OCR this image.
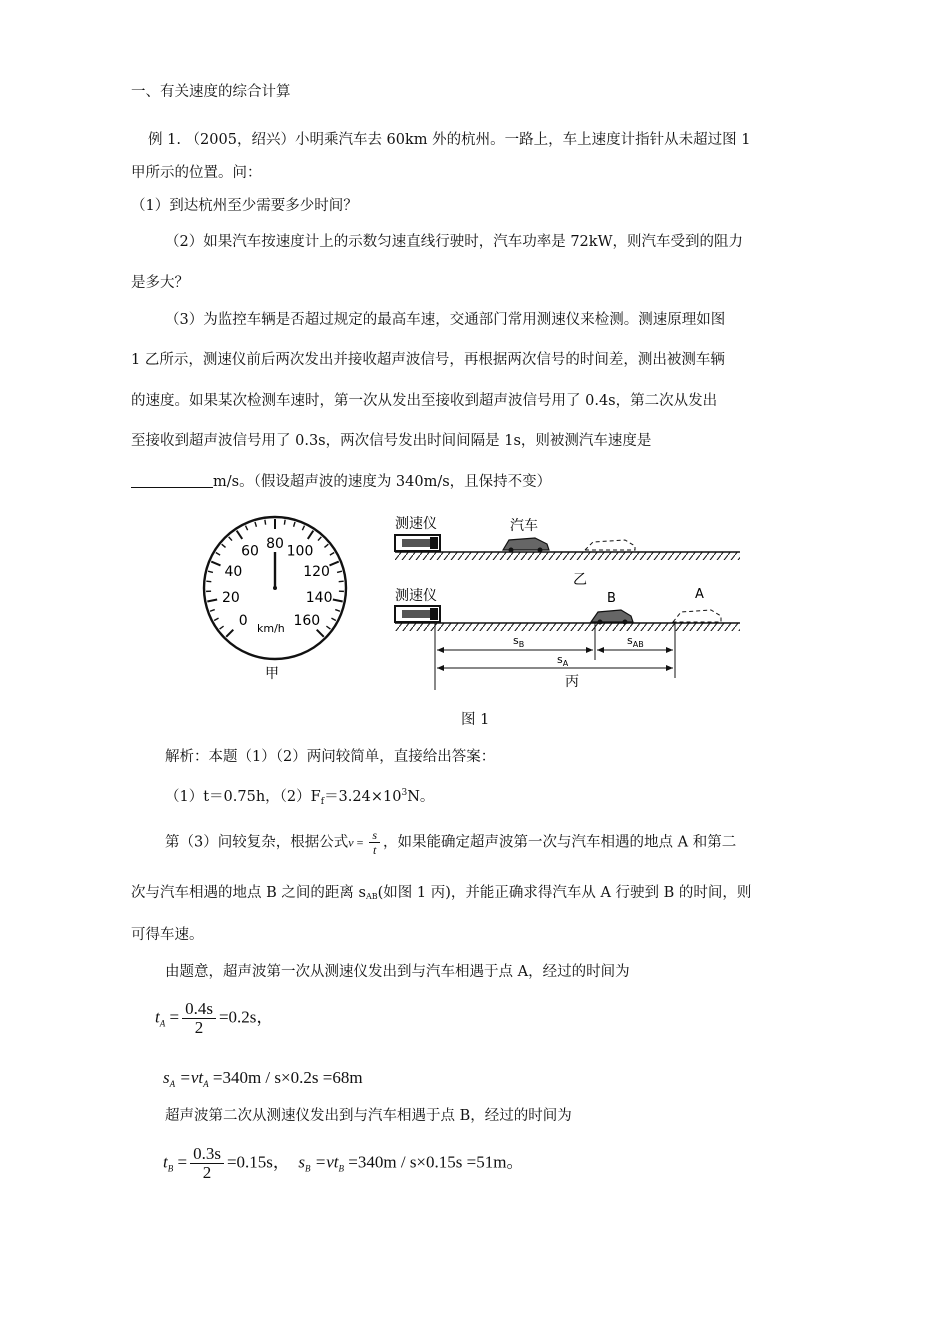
一、有关速度的综合计算
例 1. （2005，绍兴）小明乘汽车去 60km 外的杭州。一路上，车上速度计指针从未超过图 1
甲所示的位置。问：
（1）到达杭州至少需要多少时间？
（2）如果汽车按速度计上的示数匀速直线行驶时，汽车功率是 72kW，则汽车受到的阻力
是多大？
（3）为监控车辆是否超过规定的最高车速，交通部门常用测速仪来检测。测速原理如图
1 乙所示，测速仪前后两次发出并接收超声波信号，再根据两次信号的时间差，测出被测车辆
的速度。如果某次检测车速时，第一次从发出至接收到超声波信号用了 0.4s，第二次从发出
至接收到超声波信号用了 0.3s，两次信号发出时间间隔是 1s，则被测汽车速度是
m/s。（假设超声波的速度为 340m/s，且保持不变）
0
20
40
60 80 100
120
140
160
km/h
甲
测速仪	汽车
乙
测速仪	B	A
$s_B$	$s_{AB}$
$s_A$
丙
图 1
解析：本题（1）（2）两问较简单，直接给出答案：
（1）t＝0.75h，$(2)F_f=3.24\times 10^3N$。
第（3）问较复杂，根据公式$v = \frac{s}{t}$ ，如果能确定超声波第一次与汽车相遇的地点 A 和第二
次与汽车相遇的地点 B 之间的距离 sAB(如图 1 丙)，并能正确求得汽车从 A 行驶到 B 的时间，则
可得车速。
由题意，超声波第一次从测速仪发出到与汽车相遇于点 A，经过的时间为
$t_A = \frac{0.4s}{2} =0.2s$，
$s_A =vt_A =340m / s\times 0.2s =68m$
超声波第二次从测速仪发出到与汽车相遇于点 B，经过的时间为
$t_B = \frac{0.3s}{2} =0.15s$， $s_B =vt_B =340m / s\times 0.15s =51m$。
